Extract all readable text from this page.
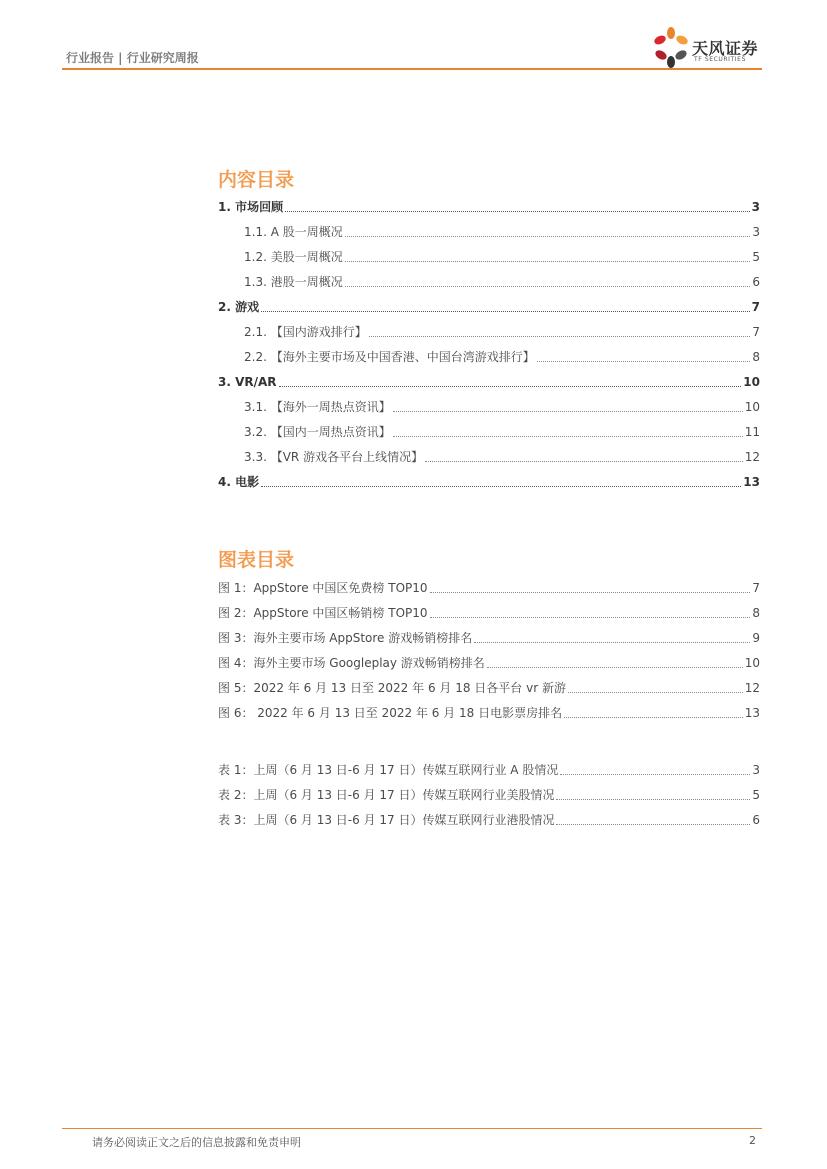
行业报告 | 行业研究周报	天风证券
TF SECURITIES
内容目录
1. 市场回顾	3
1.1. A 股一周概况	3
1.2. 美股一周概况	5
1.3. 港股一周概况	6
2. 游戏	7
2.1. 【国内游戏排行】	7
2.2. 【海外主要市场及中国香港、中国台湾游戏排行】	8
3. VR/AR	10
3.1. 【海外一周热点资讯】	10
3.2. 【国内一周热点资讯】	11
3.3. 【VR 游戏各平台上线情况】	12
4. 电影	13
图表目录
图 1：AppStore 中国区免费榜 TOP10	7
图 2：AppStore 中国区畅销榜 TOP10	8
图 3：海外主要市场 AppStore 游戏畅销榜排名	9
图 4：海外主要市场 Googleplay 游戏畅销榜排名	10
图 5：2022 年 6 月 13 日至 2022 年 6 月 18 日各平台 vr 新游	12
图 6： 2022 年 6 月 13 日至 2022 年 6 月 18 日电影票房排名	13
表 1：上周（6 月 13 日-6 月 17 日）传媒互联网行业 A 股情况	3
表 2：上周（6 月 13 日-6 月 17 日）传媒互联网行业美股情况	5
表 3：上周（6 月 13 日-6 月 17 日）传媒互联网行业港股情况	6
请务必阅读正文之后的信息披露和免责申明	2
